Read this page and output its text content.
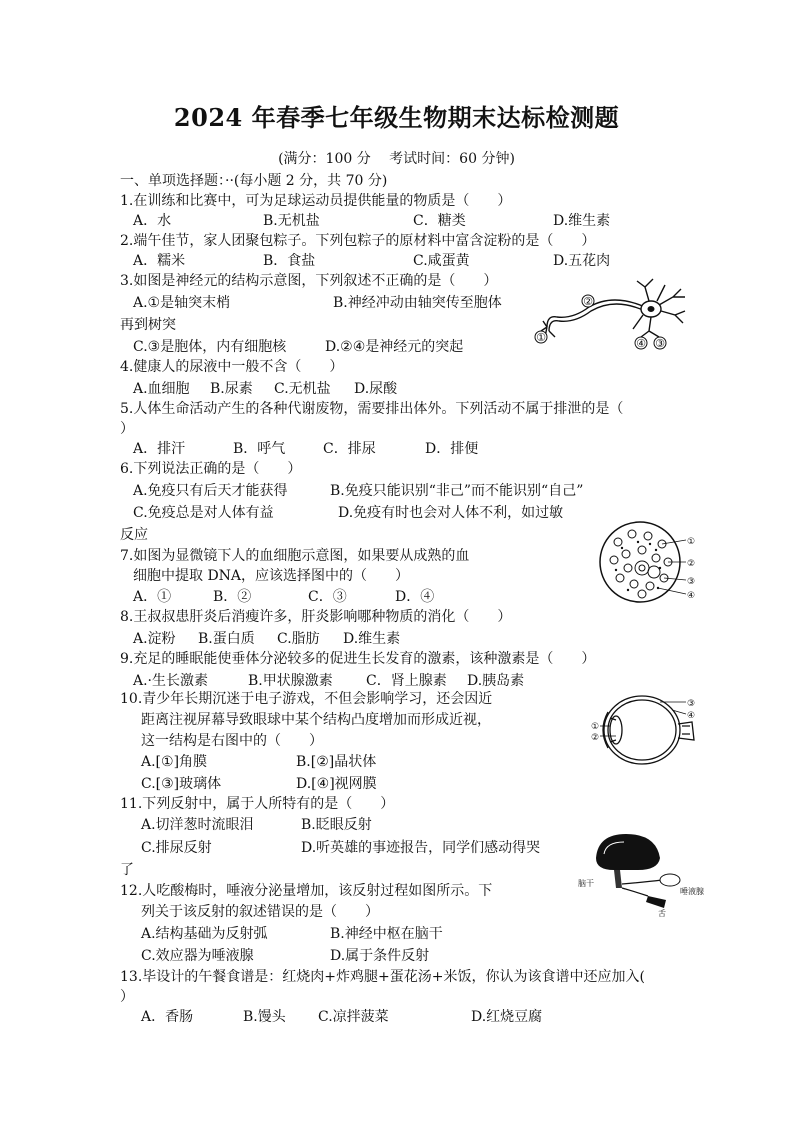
2024 年春季七年级生物期末达标检测题
(满分：100 分　 考试时间：60 分钟)
一、单项选择题：··(每小题 2 分，共 70 分)
1.在训练和比赛中，可为足球运动员提供能量的物质是（　　）
A．水	B.无机盐	C．糖类	D.维生素
2.端午佳节，家人团聚包粽子。下列包粽子的原材料中富含淀粉的是（　　）
A．糯米	B．食盐	C.咸蛋黄	D.五花肉
3.如图是神经元的结构示意图，下列叙述不正确的是（　　）
A.①是轴突末梢	B.神经冲动由轴突传至胞体
再到树突
C.③是胞体，内有细胞核	D.②④是神经元的突起
②
①	④ ③
4.健康人的尿液中一般不含（　　）
A.血细胞 B.尿素 C.无机盐 D.尿酸
5.人体生命活动产生的各种代谢废物，需要排出体外。下列活动不属于排泄的是（
）
A．排汗	B．呼气	C．排尿	D．排便
6.下列说法正确的是（　　）
A.免疫只有后天才能获得	B.免疫只能识别“非己”而不能识别“自己”
C.免疫总是对人体有益	D.免疫有时也会对人体不利，如过敏
反应
7.如图为显微镜下人的血细胞示意图，如果要从成熟的血
细胞中提取 DNA，应该选择图中的（　　）
A．①	B．②	C．③	D．④
①
②
③
④
8.王叔叔患肝炎后消瘦许多，肝炎影响哪种物质的消化（　　）
A.淀粉 B.蛋白质 C.脂肪 D.维生素
9.充足的睡眠能使垂体分泌较多的促进生长发育的激素，该种激素是（　　）
A.·生长激素	B.甲状腺激素 C．肾上腺素 D.胰岛素
10.青少年长期沉迷于电子游戏，不但会影响学习，还会因近
距离注视屏幕导致眼球中某个结构凸度增加而形成近视，
这一结构是右图中的（　　）
A.[①]角膜	B.[②]晶状体
C.[③]玻璃体	D.[④]视网膜
③
④
①
②
11.下列反射中，属于人所特有的是（　　）
A.切洋葱时流眼泪	B.眨眼反射
C.排尿反射	D.听英雄的事迹报告，同学们感动得哭
了
脑干
唾液腺
舌
12.人吃酸梅时，唾液分泌量增加，该反射过程如图所示。下
列关于该反射的叙述错误的是（　　）
A.结构基础为反射弧	B.神经中枢在脑干
C.效应器为唾液腺	D.属于条件反射
13.毕设计的午餐食谱是：红烧肉+炸鸡腿+蛋花汤+米饭，你认为该食谱中还应加入(
）
A．香肠	B.馒头 C.凉拌菠菜	D.红烧豆腐
